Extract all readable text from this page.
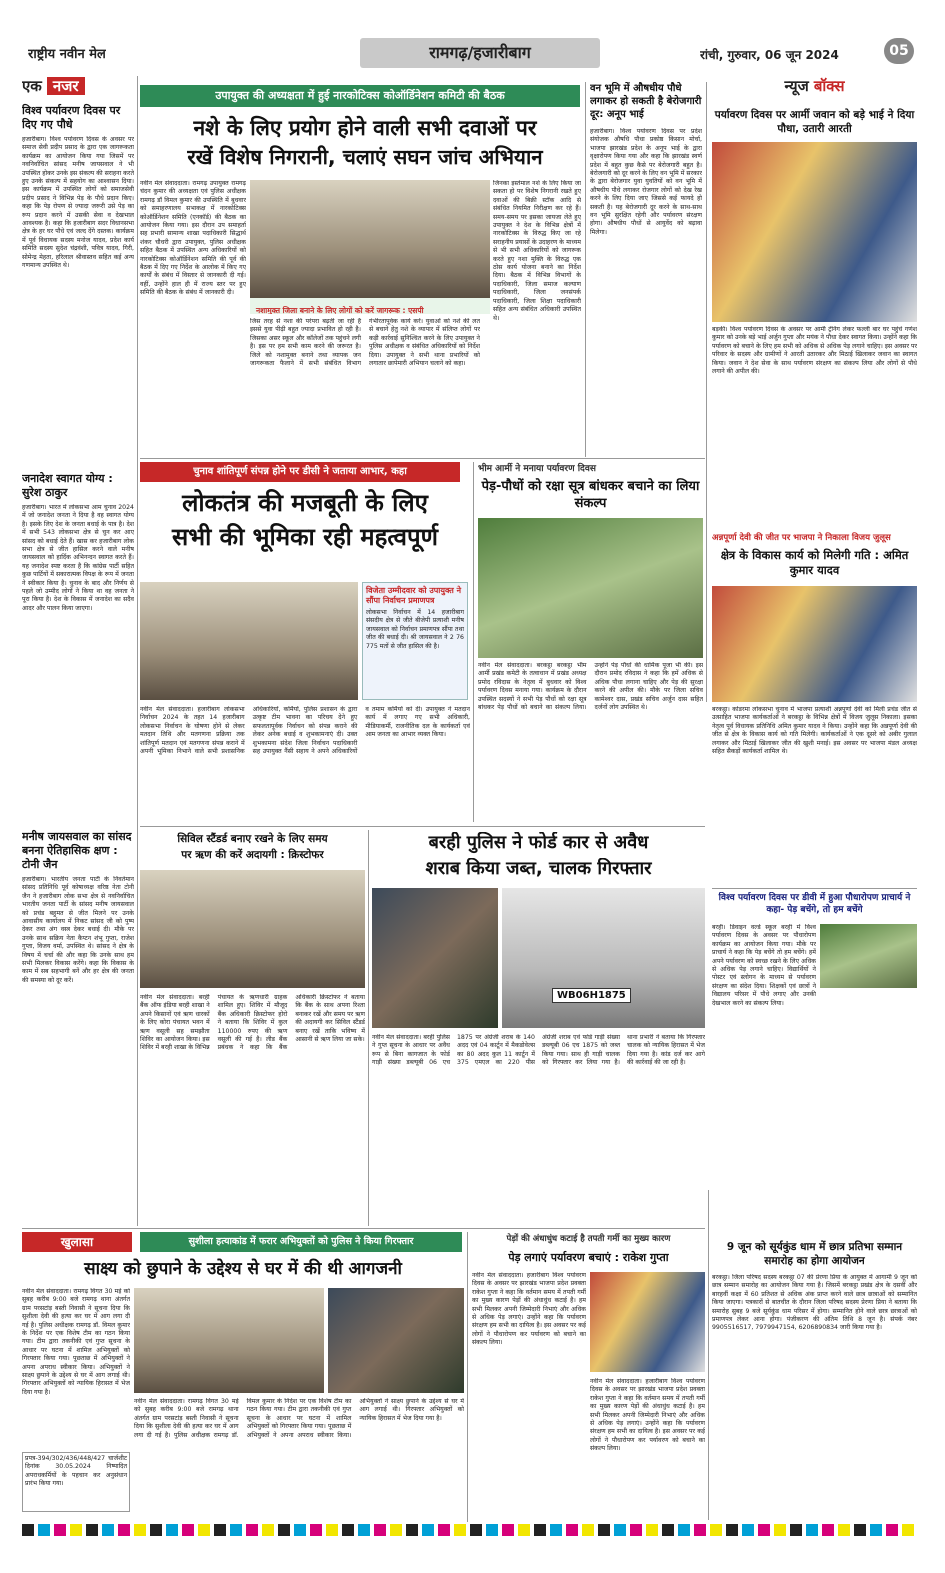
राष्ट्रीय नवीन मेल	रामगढ़/हजारीबाग	रांची, गुरुवार, 06 जून 2024	05
एक नजर
विश्व पर्यावरण दिवस पर दिए गए पौधे
हजारीबाग। विश्व पर्यावरण दिवस के अवसर पर समाज सेवी प्रदीप प्रसाद के द्वारा एक जागरूकता कार्यक्रम का आयोजन किया गया जिसमें पर नवनिर्वाचित सांसद मनीष जायसवाल ने भी उपस्थित होकर उनके इस संकल्प की सराहना करते हुए उनके संकल्प में सहयोग का आश्वासन दिया। इस कार्यक्रम में उपस्थित लोगों को समाजसेवी प्रदीप प्रसाद ने विभिन्न पेड़ के पौधे प्रदान किए। कहा कि पेड़ रोपण से ज्यादा जरूरी उसे पेड़ का रूप प्रदान करने में उसकी सेवा व देखभाल आवश्यक है। कहा कि हजारीबाग सदर विधानसभा क्षेत्र के हर घर पौधे एवं जल्द देंगे दस्तक। कार्यक्रम में पूर्व विधायक सदस्य मनोज यादव, प्रदेश कार्य समिति सदस्य सुदेश चंद्रवंशी, पवित्र यादव, गिरी, सोमेन्द्र मेहता, हरिलाल श्रीवास्तव सहित कई अन्य गणमान्य उपस्थित थे।
जनादेश स्वागत योग्य : सुरेश ठाकुर
हजारीबाग। भारत में लोकसभा आम चुनाव 2024 में जो जनादेश जनता ने दिया है वह स्वागत योग्य है। इसके लिए देश के जनता बधाई के पात्र है। देश में सभी 543 लोकसभा क्षेत्र से चुन कर आए सांसद को बधाई देते हैं। खास कर हजारीबाग लोक सभा क्षेत्र से जीत हासिल करने वाले मनीष जायसवाल को हार्दिक अभिनन्दन स्वागत करते हैं। यह जनादेश स्पष्ट करता है कि कांग्रेस पार्टी सहित कुछ पार्टियों में सकारात्मक विपक्ष के रूप में जनता ने स्वीकार किया है। चुनाव के बाद और निर्णय से पहले जो उम्मीद लोगों ने किया था वह जनता ने पूरा किया है। देश के विकास में जनादेश का सदैव आदर और पालन किया जाएगा।
मनीष जायसवाल का सांसद बनना ऐतिहासिक क्षण : टोनी जैन
हजारीबाग। भारतीय जनता पार्टी के निवर्तमान सांसद प्रतिनिधि पूर्व कोषाध्यक्ष वरिष्ठ नेता टोनी जैन ने हजारीबाग लोक सभा क्षेत्र से नवनिर्वाचित भारतीय जनता पार्टी के सांसद मनीष जायसवाल को प्रचंड बहुमत से जीत मिलने पर उनके आवासीय कार्यालय में निकट सांसद जी को पुष्प देकर तथा अंग वस्त्र देकर बधाई दी। मौके पर उनके साथ सक्रिय नेता कैप्टन शंभू गुप्ता, राजेश गुप्ता, विजय वर्मा, उपस्थित थे। सांसद ने क्षेत्र के विषय में चर्चा की और कहा कि उनके साथ हम सभी मिलकर विकास करेंगे। कहा कि विकास के काम में सब सहभागी बनें और हर क्षेत्र की जनता की समस्या को दूर करें।
उपायुक्त की अध्यक्षता में हुई नारकोटिक्स कोऑर्डिनेशन कमिटी की बैठक
नशे के लिए प्रयोग होने वाली सभी दवाओं पर
रखें विशेष निगरानी, चलाएं सघन जांच अभियान
नशामुक्त जिला बनाने के लिए लोगों को करें जागरूक : एसपी
नवीन मेल संवाददाता। रामगढ़ उपायुक्त रामगढ़ चंदन कुमार की अध्यक्षता एवं पुलिस अधीक्षक रामगढ़ डॉ विमल कुमार की उपस्थिति में बुधवार को समाहरणालय सभाकक्ष में नारकोटिक्स कोऑर्डिनेशन समिति (एनकॉर्ड) की बैठक का आयोजन किया गया। इस दौरान उप समाहर्ता सह प्रभारी सामान्य शाखा पदाधिकारी सिद्धार्थ शंकर चौधरी द्वारा उपायुक्त, पुलिस अधीक्षक सहित बैठक में उपस्थित अन्य अधिकारियों को नारकोटिक्स कोऑर्डिनेशन समिति की पूर्व की बैठक में दिए गए निर्देश के आलोक में किए गए कार्यों के संबंध में विस्तार से जानकारी दी गई। वहीं, उन्होंने हाल ही में राज्य स्तर पर हुए समिति की बैठक के संबंध में जानकारी दी।
जिस तरह से नशा की परंपरा बढ़ती जा रही है इससे युवा पीढ़ी बहुत ज्यादा प्रभावित हो रही है। जिसका असर स्कूल और कॉलेजों तक पहुंचने लगी है। इस पर हम सभी काम करने की जरूरत है। जिले को नशामुक्त बनाने तथा व्यापक जन जागरूकता फैलाने में सभी संबंधित विभाग गंभीरतापूर्वक कार्य करें। युवाओं को नशे की लत से बचाने हेतु नशे के व्यापार में संलिप्त लोगों पर कड़ी कार्रवाई सुनिश्चित करने के लिए उपायुक्त ने पुलिस अधीक्षक व संबंधित अधिकारियों को निर्देश दिया। उपायुक्त ने सभी थाना प्रभारियों को लगातार छापेमारी अभियान चलाने को कहा।
जिनका इस्तेमाल नशे के लिए किया जा सकता हो पर विशेष निगरानी रखते हुए दवाओं की बिक्री स्टॉक आदि से संबंधित नियमित निरीक्षण कर रहे हैं। समय-समय पर इसका जायजा लेते हुए उपायुक्त ने देश के विभिन्न क्षेत्रों में नारकोटिक्स के विरुद्ध किए जा रहे सराहनीय प्रयासों के उदाहरण के माध्यम से भी सभी अधिकारियों को जागरूक करते हुए नशा मुक्ति के विरुद्ध एक ठोस कार्य योजना बनाने का निर्देश दिया। बैठक में विभिन्न विभागों के पदाधिकारी, जिला समाज कल्याण पदाधिकारी, जिला जनसंपर्क पदाधिकारी, जिला शिक्षा पदाधिकारी सहित अन्य संबंधित अधिकारी उपस्थित थे।
वन भूमि में औषधीय पौधे लगाकर हो सकती है बेरोजगारी दूर: अनूप भाई
हजारीबाग। विश्व पर्यावरण दिवस पर प्रदेश संयोजक औषधि पौधा प्रकोष्ठ किसान मोर्चा, भाजपा झारखंड प्रदेश के अनूप भाई के द्वारा वृक्षारोपण किया गया और कहा कि झारखंड स्वर्ण प्रदेश में बहुत कुछ कैसे पर बेरोजगारी बहुत है। बेरोजगारी को दूर करने के लिए वन भूमि में सरकार के द्वारा बेरोजगार युवा युवतियों को वन भूमि में औषधीय पौधे लगाकर रोजगार लोगों को देख रेख करने के लिए दिया जाए जिससे कई फायदे हो सकती है। यह बेरोजगारी दूर करने के साथ-साथ वन भूमि सुरक्षित रहेगी और पर्यावरण संरक्षण होगा। औषधीय पौधों से आयुर्वेद को बढ़ावा मिलेगा।
न्यूज बॉक्स
पर्यावरण दिवस पर आर्मी जवान को बड़े भाई ने दिया पौधा, उतारी आरती
बड़की। विश्व पर्यावरण दिवस के अवसर पर आर्मी ट्रेनिंग लेकर फल्ली बार घर पहुंचे गणेश कुमार को उनके बड़े भाई अर्जुन गुप्ता और मयंक ने पौधा देकर स्वागत किया। उन्होंने कहा कि पर्यावरण को बचाने के लिए हम सभी को अधिक से अधिक पेड़ लगाने चाहिए। इस अवसर पर परिवार के सदस्य और ग्रामीणों ने आरती उतारकर और मिठाई खिलाकर जवान का स्वागत किया। जवान ने देश सेवा के साथ पर्यावरण संरक्षण का संकल्प लिया और लोगों से पौधे लगाने की अपील की।
चुनाव शांतिपूर्ण संपन्न होने पर डीसी ने जताया आभार, कहा
लोकतंत्र की मजबूती के लिए
सभी की भूमिका रही महत्वपूर्ण
विजेता उम्मीदवार को उपायुक्त ने सौंपा निर्वाचन प्रमाणपत्र
लोकसभा निर्वाचन में 14 हजारीबाग संसदीय क्षेत्र से जीते बीजेपी प्रत्याशी मनीष जायसवाल को निर्वाचन प्रमाणपत्र सौंपा तथा जीत की बधाई दी। श्री जायसवाल ने 2 76 775 मतों से जीत हासिल की है।
नवीन मेल संवाददाता। हजारीबाग लोकसभा निर्वाचन 2024 के तहत 14 हजारीबाग लोकसभा निर्वाचन के घोषणा होने से लेकर मतदान तिथि और मतगणना प्रक्रिया तक शांतिपूर्ण मतदान एवं मतगणना संपन्न कराने में अपनी भूमिका निभाने वाले सभी प्रशासनिक अधिकारियों, कर्मियों, पुलिस प्रशासन के द्वारा उत्कृष्ट टीम भावना का परिचय देने हुए सफलतापूर्वक निर्वाचन को संपन्न कराने की लेकर अनेक बधाई व शुभकामनाएं दी। उक्त शुभकामना संदेश जिला निर्वाचन पदाधिकारी सह उपायुक्त नैंसी सहाय ने अपने अधिकारियों व तमाम कर्मियों को दी। उपायुक्त ने मतदान कार्य में लगाए गए सभी अधिकारी, मीडियाकर्मी, राजनीतिक दल के कार्यकर्ता एवं आम जनता का आभार व्यक्त किया।
भीम आर्मी ने मनाया पर्यावरण दिवस
पेड़-पौधों को रक्षा सूत्र बांधकर बचाने का लिया संकल्प
नवीन मेल संवाददाता। बरकट्ठा बरकट्ठा भीम आर्मी प्रखंड कमेटी के तत्वाधान में प्रखंड अध्यक्ष प्रमोद रविदास के नेतृत्व में बुधवार को विश्व पर्यावरण दिवस मनाया गया। कार्यक्रम के दौरान उपस्थित सदस्यों ने सभी पेड़ पौधों को रक्षा सूत्र बांधकर पेड़ पौधों को बचाने का संकल्प लिया। उन्होंने पेड़ पौधों की धार्मिक पूजा भी की। इस दौरान प्रमोद रविदास ने कहा कि हमें अधिक से अधिक पौधा लगाना चाहिए और पेड़ की सुरक्षा करने की अपील की। मौके पर जिला सचिव कामेश्वर दास, प्रखंड सचिव अर्जुन दास सहित दर्जनों लोग उपस्थित थे।
अन्नपूर्णा देवी की जीत पर भाजपा ने निकाला विजय जुलूस
क्षेत्र के विकास कार्य को मिलेगी गति : अमित कुमार यादव
बरकट्ठा। कोडरमा लोकसभा चुनाव में भाजपा प्रत्याशी अन्नपूर्णा देवी को मिली प्रचंड जीत से उत्साहित भाजपा कार्यकर्ताओं ने बरकट्ठा के विभिन्न क्षेत्रों में विजय जुलूस निकाला। इसका नेतृत्व पूर्व विधायक प्रतिनिधि अमित कुमार यादव ने किया। उन्होंने कहा कि अन्नपूर्णा देवी की जीत से क्षेत्र के विकास कार्य को गति मिलेगी। कार्यकर्ताओं ने एक दूसरे को अबीर गुलाल लगाकर और मिठाई खिलाकर जीत की खुशी मनाई। इस अवसर पर भाजपा मंडल अध्यक्ष सहित सैकड़ों कार्यकर्ता शामिल थे।
विश्व पर्यावरण दिवस पर डीवी में हुआ पौधारोपण प्राचार्य ने कहा- पेड़ बचेंगे, तो हम बचेंगे
बरही। डिवाइन वर्ल्ड स्कूल बरही में विश्व पर्यावरण दिवस के अवसर पर पौधारोपण कार्यक्रम का आयोजन किया गया। मौके पर प्राचार्य ने कहा कि पेड़ बचेंगे तो हम बचेंगे। हमें अपने पर्यावरण को स्वच्छ रखने के लिए अधिक से अधिक पेड़ लगाने चाहिए। विद्यार्थियों ने पोस्टर एवं स्लोगन के माध्यम से पर्यावरण संरक्षण का संदेश दिया। शिक्षकों एवं छात्रों ने विद्यालय परिसर में पौधे लगाए और उनकी देखभाल करने का संकल्प लिया।
सिविल स्टैंडर्ड बनाए रखने के लिए समय
पर ऋण की करें अदायगी : क्रिस्टोफर
नवीन मेल संवाददाता। बरही बैंक ऑफ इंडिया बरही शाखा ने अपने किसानों एवं ऋण धारकों के लिए कोरा पंचायत भवन में ऋण वसूली सह समझौता शिविर का आयोजन किया। इस शिविर में बरही शाखा के विभिन्न पंचायत के ऋणधारी ग्राहक शामिल हुए। शिविर में मौजूद बैंक अधिकारी क्रिस्टोफर होरो ने बताया कि शिविर में कुल 110000 रुपए की ऋण वसूली की गई है। लीड बैंक प्रबंधक ने कहा कि बैंक अधिकारी क्रिस्टोफर ने बताया कि बैंक के साथ अपना रिश्ता बनाकर रखें और समय पर ऋण की अदायगी कर सिविल स्टैंडर्ड बनाए रखें ताकि भविष्य में आसानी से ऋण लिया जा सके।
बरही पुलिस ने फोर्ड कार से अवैध
शराब किया जब्त, चालक गिरफ्तार
WB06H1875
नवीन मेल संवाददाता। बरही पुलिस ने गुप्त सूचना के आधार पर अवैध रूप से बिना कागजात के फोर्ड गाड़ी संख्या डब्ल्यूबी 06 एच 1875 पर अंग्रेजी शराब के 140 अदद एवं 04 कार्टून में मैकडोवेल्स का 80 अदद कुल 11 कार्टून में 375 एमएल का 220 पीस अंग्रेजी शराब एवं फोर्ड गाड़ी संख्या डब्ल्यूबी 06 एच 1875 को जब्त किया गया। साथ ही गाड़ी चालक को गिरफ्तार कर लिया गया है। थाना प्रभारी ने बताया कि गिरफ्तार चालक को न्यायिक हिरासत में भेज दिया गया है। कांड दर्ज कर आगे की कार्रवाई की जा रही है।
खुलासा	सुशीला हत्याकांड में फरार अभियुक्तों को पुलिस ने किया गिरफ्तार
साक्ष्य को छुपाने के उद्देश्य से घर में की थी आगजनी
नवीन मेल संवाददाता। रामगढ़ विगत 30 मई को सुबह करीब 9:00 बजे रामगढ़ थाना अंतर्गत ग्राम परसटांड़ बस्ती निवासी ने सूचना दिया कि सुशीला देवी की हत्या कर घर में आग लगा दी गई है। पुलिस अधीक्षक रामगढ़ डॉ. विमल कुमार के निर्देश पर एक विशेष टीम का गठन किया गया। टीम द्वारा तकनीकी एवं गुप्त सूचना के आधार पर घटना में शामिल अभियुक्तों को गिरफ्तार किया गया। पूछताछ में अभियुक्तों ने अपना अपराध स्वीकार किया। अभियुक्तों ने साक्ष्य छुपाने के उद्देश्य से घर में आग लगाई थी। गिरफ्तार अभियुक्तों को न्यायिक हिरासत में भेज दिया गया है।
प्रपत्र-394/302/436/448/427 चार्जशीट दिनांक 30.05.2024 निष्पादित अपराधकर्मियों के पहचान कर अनुसंधान प्रारंभ किया गया।
नवीन मेल संवाददाता। रामगढ़ विगत 30 मई को सुबह करीब 9:00 बजे रामगढ़ थाना अंतर्गत ग्राम परसटांड़ बस्ती निवासी ने सूचना दिया कि सुशीला देवी की हत्या कर घर में आग लगा दी गई है। पुलिस अधीक्षक रामगढ़ डॉ. विमल कुमार के निर्देश पर एक विशेष टीम का गठन किया गया। टीम द्वारा तकनीकी एवं गुप्त सूचना के आधार पर घटना में शामिल अभियुक्तों को गिरफ्तार किया गया। पूछताछ में अभियुक्तों ने अपना अपराध स्वीकार किया। अभियुक्तों ने साक्ष्य छुपाने के उद्देश्य से घर में आग लगाई थी। गिरफ्तार अभियुक्तों को न्यायिक हिरासत में भेज दिया गया है।
पेड़ों की अंधाधुंध कटाई है तपती गर्मी का मुख्य कारण
पेड़ लगाएं पर्यावरण बचाएं : राकेश गुप्ता
नवीन मेल संवाददाता। हजारीबाग विश्व पर्यावरण दिवस के अवसर पर झारखंड भाजपा प्रदेश प्रवक्ता राकेश गुप्ता ने कहा कि वर्तमान समय में तपती गर्मी का मुख्य कारण पेड़ों की अंधाधुंध कटाई है। हम सभी मिलकर अपनी जिम्मेदारी निभाएं और अधिक से अधिक पेड़ लगाएं। उन्होंने कहा कि पर्यावरण संरक्षण हम सभी का दायित्व है। इस अवसर पर कई लोगों ने पौधारोपण कर पर्यावरण को बचाने का संकल्प लिया।
नवीन मेल संवाददाता। हजारीबाग विश्व पर्यावरण दिवस के अवसर पर झारखंड भाजपा प्रदेश प्रवक्ता राकेश गुप्ता ने कहा कि वर्तमान समय में तपती गर्मी का मुख्य कारण पेड़ों की अंधाधुंध कटाई है। हम सभी मिलकर अपनी जिम्मेदारी निभाएं और अधिक से अधिक पेड़ लगाएं। उन्होंने कहा कि पर्यावरण संरक्षण हम सभी का दायित्व है। इस अवसर पर कई लोगों ने पौधारोपण कर पर्यावरण को बचाने का संकल्प लिया।
9 जून को सूर्यकुंड धाम में छात्र प्रतिभा सम्मान समारोह का होगा आयोजन
बरकट्ठा। जिला परिषद सदस्य बरकट्ठा 07 की प्रेरणा प्रिया के आयुक्त में आगामी 9 जून को छात्र सम्मान समारोह का आयोजन किया गया है। जिसमें बरकट्ठा प्रखंड क्षेत्र के दसवीं और बारहवीं कक्षा में 60 प्रतिशत से अधिक अंक प्राप्त करने वाले छात्र छात्राओं को सम्मानित किया जाएगा। पत्रकारों से बातचीत के दौरान जिला परिषद सदस्य प्रेरणा प्रिया ने बताया कि समारोह सुबह 9 बजे सूर्यकुंड धाम परिसर में होगा। सम्मानित होने वाले छात्र छात्राओं को प्रमाणपत्र लेकर आना होगा। पंजीकरण की अंतिम तिथि 8 जून है। संपर्क नंबर 9905516517, 7979947154, 6206890834 जारी किया गया है।
